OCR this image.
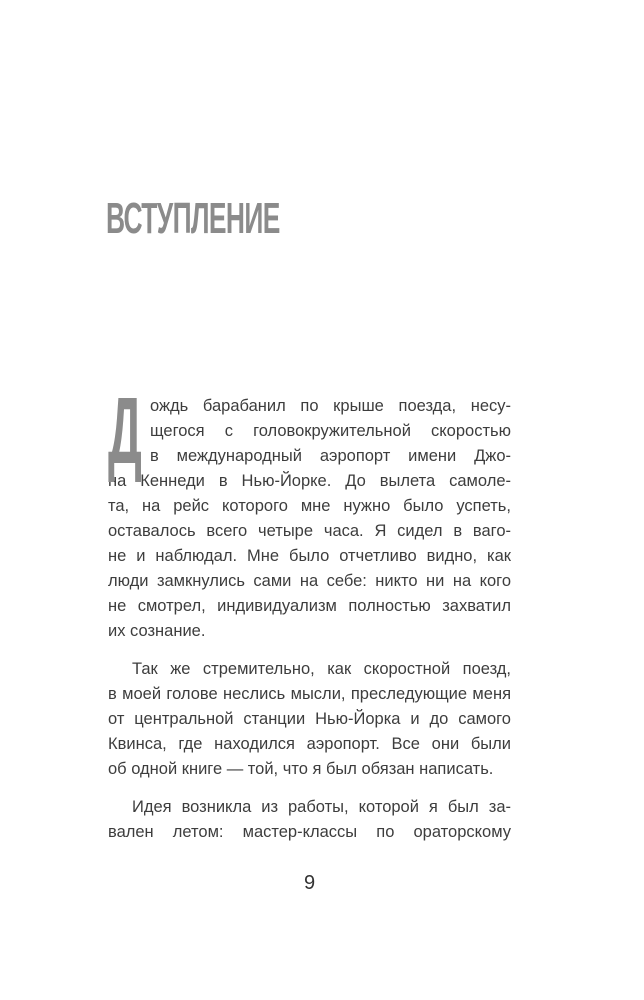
ВСТУПЛЕНИЕ
Д ождь барабанил по крыше поезда, несу-
щегося с головокружительной скоростью
в международный аэропорт имени Джо-
на Кеннеди в Нью-Йорке. До вылета самоле-
та, на рейс которого мне нужно было успеть,
оставалось всего четыре часа. Я сидел в ваго-
не и наблюдал. Мне было отчетливо видно, как
люди замкнулись сами на себе: никто ни на кого
не смотрел, индивидуализм полностью захватил
их сознание.
Так же стремительно, как скоростной поезд,
в моей голове неслись мысли, преследующие меня
от центральной станции Нью-Йорка и до самого
Квинса, где находился аэропорт. Все они были
об одной книге — той, что я был обязан написать.
Идея возникла из работы, которой я был за-
вален летом: мастер-классы по ораторскому
9
